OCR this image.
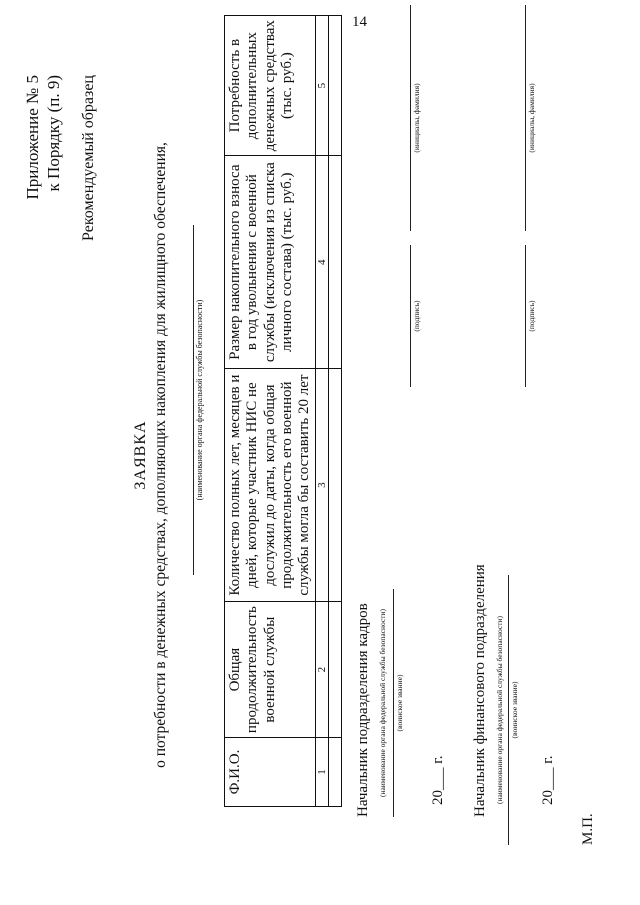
14
Приложение № 5 к Порядку (п. 9) Рекомендуемый образец
ЗАЯВКА о потребности в денежных средствах, дополняющих накопления для жилищного обеспечения,	(наименование органа федеральной службы безопасности)
Ф.И.О.	Общая продолжительность военной службы	Количество полных лет, месяцев и дней, которые участник НИС не дослужил до даты, когда общая продолжительность его военной службы могла бы составить 20 лет	Размер накопительного взноса в год увольнения с военной службы (исключения из списка личного состава) (тыс. руб.)	Потребность в дополнительных денежных средствах (тыс. руб.)
1	2	3	4	5

Начальник подразделения кадров (наименование органа федеральной службы безопасности) (воинское звание)
(подпись)
(инициалы, фамилия)
20___ г. Начальник финансового подразделения (наименование органа федеральной службы безопасности) (воинское звание)
(подпись)
(инициалы, фамилия)
20___ г.
М.П.
